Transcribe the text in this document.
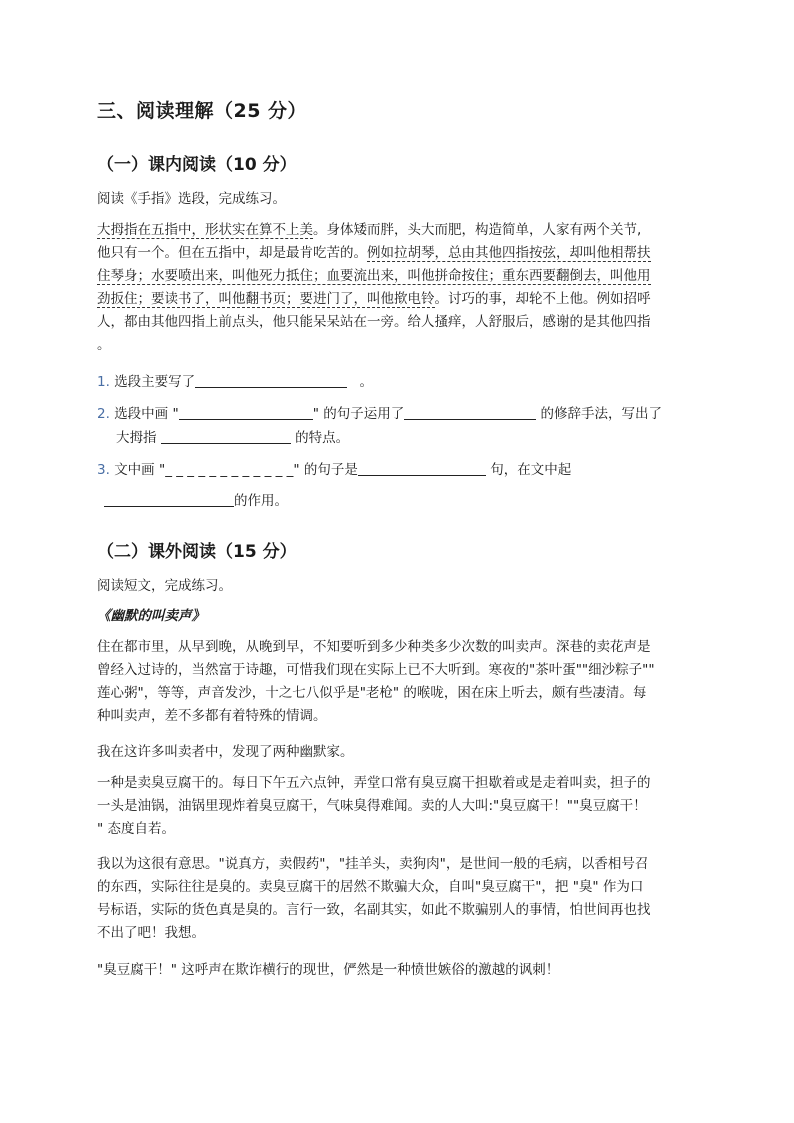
三、阅读理解（25 分）
（一）课内阅读（10 分）
阅读《手指》选段，完成练习。
大拇指在五指中，形状实在算不上美。身体矮而胖，头大而肥，构造简单，人家有两个关节,
他只有一个。但在五指中，却是最肯吃苦的。例如拉胡琴，总由其他四指按弦，却叫他相帮扶
住琴身；水要喷出来，叫他死力抵住；血要流出来，叫他拼命按住；重东西要翻倒去，叫他用
劲扳住；要读书了，叫他翻书页；要进门了，叫他揿电铃。讨巧的事，却轮不上他。例如招呼
人，都由其他四指上前点头，他只能呆呆站在一旁。给人搔痒，人舒服后，感谢的是其他四指
。
1. 选段主要写了	。
2. 选段中画 "	" 的句子运用了	的修辞手法，写出了
大拇指	的特点。
3. 文中画 "_ _ _ _ _ _ _ _ _ _ _ _" 的句子是	句，在文中起
的作用。
（二）课外阅读（15 分）
阅读短文，完成练习。
《幽默的叫卖声》
住在都市里，从早到晚，从晚到早，不知要听到多少种类多少次数的叫卖声。深巷的卖花声是
曾经入过诗的，当然富于诗趣，可惜我们现在实际上已不大听到。寒夜的"茶叶蛋""细沙粽子""
莲心粥"，等等，声音发沙，十之七八似乎是"老枪" 的喉咙，困在床上听去，颇有些凄清。每
种叫卖声，差不多都有着特殊的情调。
我在这许多叫卖者中，发现了两种幽默家。
一种是卖臭豆腐干的。每日下午五六点钟，弄堂口常有臭豆腐干担歇着或是走着叫卖，担子的
一头是油锅，油锅里现炸着臭豆腐干，气味臭得难闻。卖的人大叫:"臭豆腐干！""臭豆腐干！
" 态度自若。
我以为这很有意思。"说真方，卖假药"，"挂羊头，卖狗肉"，是世间一般的毛病，以香相号召
的东西，实际往往是臭的。卖臭豆腐干的居然不欺骗大众，自叫"臭豆腐干"，把 "臭" 作为口
号标语，实际的货色真是臭的。言行一致，名副其实，如此不欺骗别人的事情，怕世间再也找
不出了吧！我想。
"臭豆腐干！" 这呼声在欺诈横行的现世，俨然是一种愤世嫉俗的激越的讽刺！
